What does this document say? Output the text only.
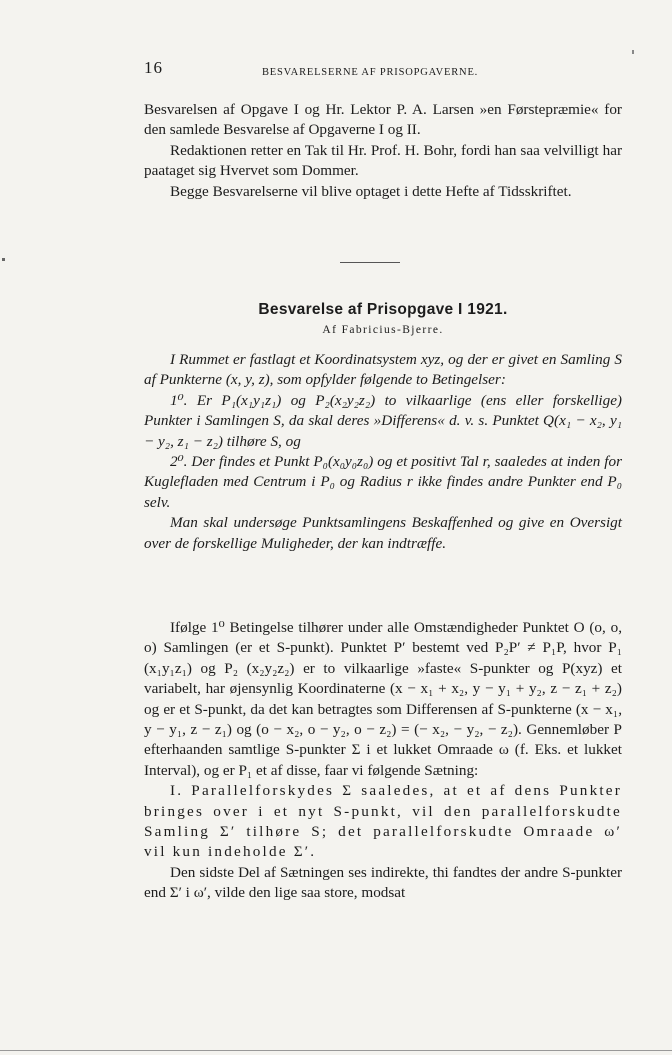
16	BESVARELSERNE AF PRISOPGAVERNE.

Besvarelsen af Opgave I og Hr. Lektor P. A. Larsen »en Førstepræmie« for den samlede Besvarelse af Opgaverne I og II.

Redaktionen retter en Tak til Hr. Prof. H. Bohr, fordi han saa velvilligt har paataget sig Hvervet som Dommer.

Begge Besvarelserne vil blive optaget i dette Hefte af Tidsskriftet.

Besvarelse af Prisopgave I 1921.
Af Fabricius-Bjerre.

I Rummet er fastlagt et Koordinatsystem xyz, og der er givet en Samling S af Punkterne (x, y, z), som opfylder følgende to Betingelser:

1⁰. Er P₁(x₁y₁z₁) og P₂(x₂y₂z₂) to vilkaarlige (ens eller forskellige) Punkter i Samlingen S, da skal deres »Differens« d. v. s. Punktet Q(x₁ − x₂, y₁ − y₂, z₁ − z₂) tilhøre S, og

2⁰. Der findes et Punkt P₀(x₀y₀z₀) og et positivt Tal r, saaledes at inden for Kuglefladen med Centrum i P₀ og Radius r ikke findes andre Punkter end P₀ selv.

Man skal undersøge Punktsamlingens Beskaffenhed og give en Oversigt over de forskellige Muligheder, der kan indtræffe.

Ifølge 1⁰ Betingelse tilhører under alle Omstændigheder Punktet O (o, o, o) Samlingen (er et S-punkt). Punktet P′ bestemt ved P₂P′ ≠ P₁P, hvor P₁ (x₁y₁z₁) og P₂ (x₂y₂z₂) er to vilkaarlige »faste« S-punkter og P(xyz) et variabelt, har øjensynlig Koordinaterne (x − x₁ + x₂, y − y₁ + y₂, z − z₁ + z₂) og er et S-punkt, da det kan betragtes som Differensen af S-punkterne (x − x₁, y − y₁, z − z₁) og (o − x₂, o − y₂, o − z₂) = (− x₂, − y₂, − z₂). Gennemløber P efterhaanden samtlige S-punkter Σ i et lukket Omraade ω (f. Eks. et lukket Interval), og er P₁ et af disse, faar vi følgende Sætning:

I. Parallelforskydes Σ saaledes, at et af dens Punkter bringes over i et nyt S-punkt, vil den parallelforskudte Samling Σ′ tilhøre S; det parallelforskudte Omraade ω′ vil kun indeholde Σ′.

Den sidste Del af Sætningen ses indirekte, thi fandtes der andre S-punkter end Σ′ i ω′, vilde den lige saa store, modsat
